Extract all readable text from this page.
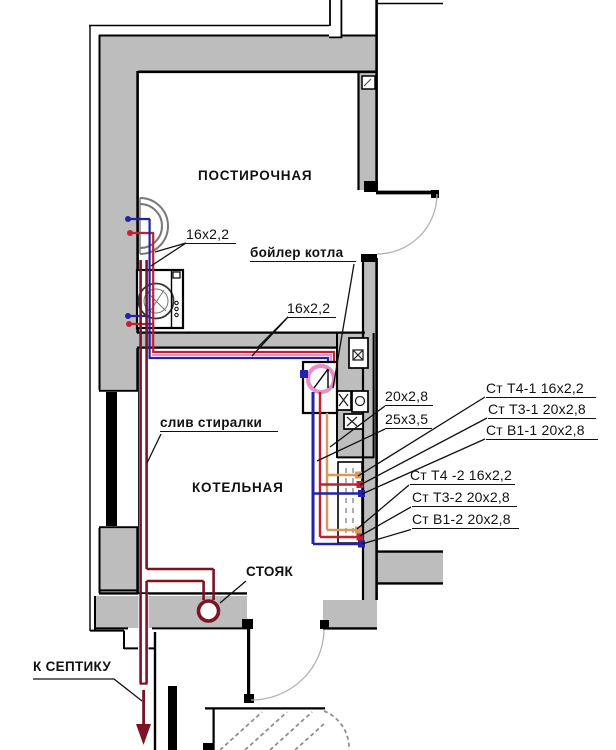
ПОСТИРОЧНАЯ
КОТЕЛЬНАЯ
16х2,2
16х2,2
20х2,8
25х3,5
Ст Т4-1 16х2,2
Ст Т3-1 20х2,8
Ст В1-1 20х2,8
Ст Т4 -2 16х2,2
Ст Т3-2 20х2,8
Ст В1-2 20х2,8
бойлер котла
слив стиралки
СТОЯК
К СЕПТИКУ
